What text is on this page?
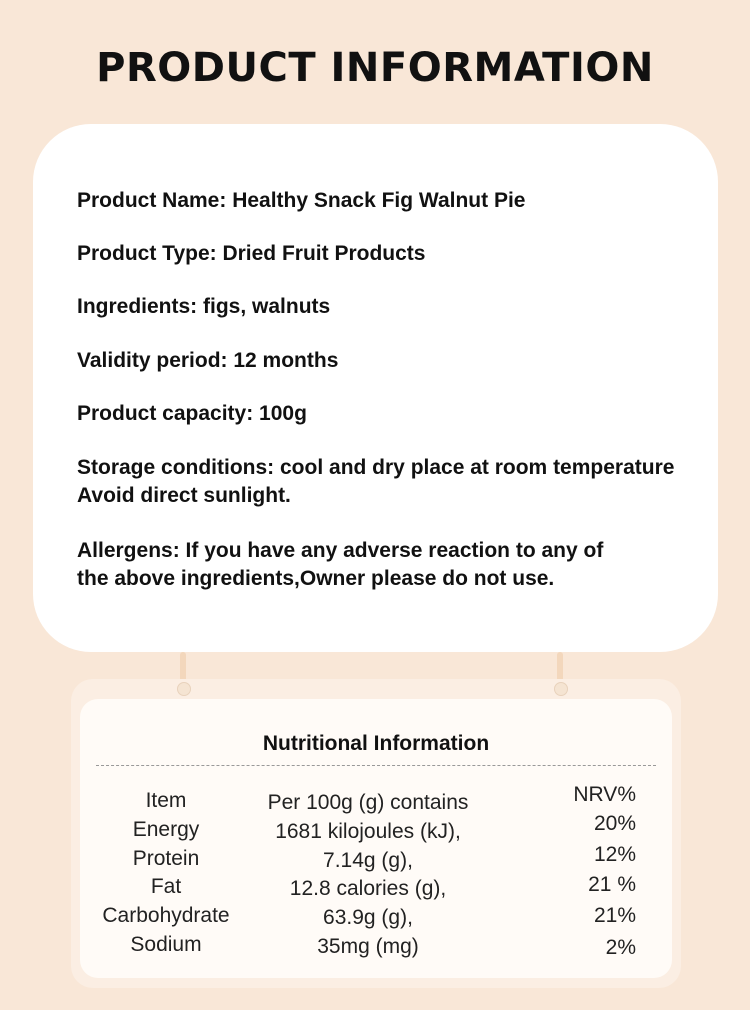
PRODUCT INFORMATION
Product Name: Healthy Snack Fig Walnut Pie
Product Type: Dried Fruit Products
Ingredients: figs, walnuts
Validity period: 12 months
Product capacity: 100g
Storage conditions: cool and dry place at room temperature
Avoid direct sunlight.
Allergens: If you have any adverse reaction to any of
the above ingredients,Owner please do not use.
Nutritional Information
Item	Per 100g (g) contains	NRV%
Energy	1681 kilojoules (kJ),	20%
Protein	7.14g (g),	12%
Fat	12.8 calories (g),	21 %
Carbohydrate	63.9g (g),	21%
Sodium	35mg (mg)	2%
